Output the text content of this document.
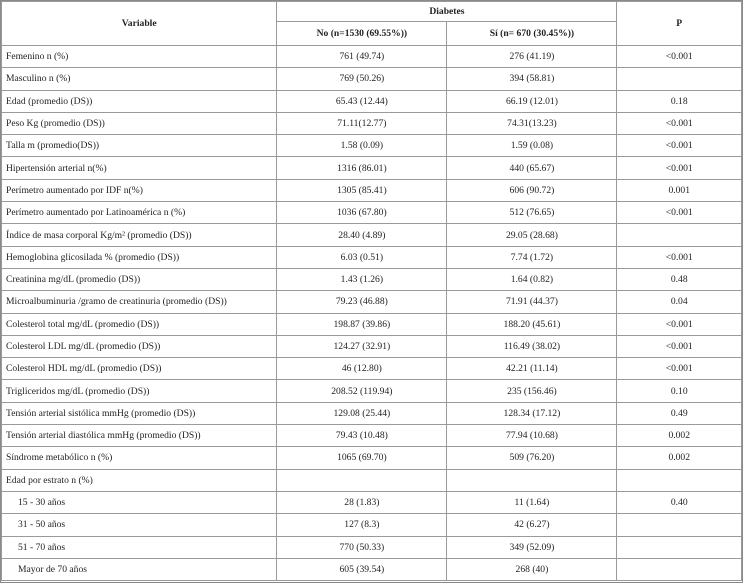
Variable	Diabetes		P
	No (n=1530 (69.55%))	Sí (n= 670 (30.45%))	
Femenino n (%)	761 (49.74)	276 (41.19)	<0.001
Masculino n (%)	769 (50.26)	394 (58.81)	
Edad (promedio (DS))	65.43 (12.44)	66.19 (12.01)	0.18
Peso Kg (promedio (DS))	71.11(12.77)	74.31(13.23)	<0.001
Talla m (promedio(DS))	1.58 (0.09)	1.59 (0.08)	<0.001
Hipertensión arterial n(%)	1316 (86.01)	440 (65.67)	<0.001
Perímetro aumentado por IDF n(%)	1305 (85.41)	606 (90.72)	0.001
Perímetro aumentado por Latinoamérica n (%)	1036 (67.80)	512 (76.65)	<0.001
Índice de masa corporal Kg/m² (promedio (DS))	28.40 (4.89)	29.05 (28.68)	
Hemoglobina glicosilada % (promedio (DS))	6.03 (0.51)	7.74 (1.72)	<0.001
Creatinina mg/dL (promedio (DS))	1.43 (1.26)	1.64 (0.82)	0.48
Microalbuminuria /gramo de creatinuria (promedio (DS))	79.23 (46.88)	71.91 (44.37)	0.04
Colesterol total mg/dL (promedio (DS))	198.87 (39.86)	188.20 (45.61)	<0.001
Colesterol LDL mg/dL (promedio (DS))	124.27 (32.91)	116.49 (38.02)	<0.001
Colesterol HDL mg/dL (promedio (DS))	46 (12.80)	42.21 (11.14)	<0.001
Trigliceridos mg/dL (promedio (DS))	208.52 (119.94)	235 (156.46)	0.10
Tensión arterial sistólica mmHg (promedio (DS))	129.08 (25.44)	128.34 (17.12)	0.49
Tensión arterial diastólica mmHg (promedio (DS))	79.43 (10.48)	77.94 (10.68)	0.002
Síndrome metabólico n (%)	1065 (69.70)	509 (76.20)	0.002
Edad por estrato n (%)			
15 - 30 años	28 (1.83)	11 (1.64)	0.40
31 - 50 años	127 (8.3)	42 (6.27)	
51 - 70 años	770 (50.33)	349 (52.09)	
Mayor de 70 años	605 (39.54)	268 (40)	
